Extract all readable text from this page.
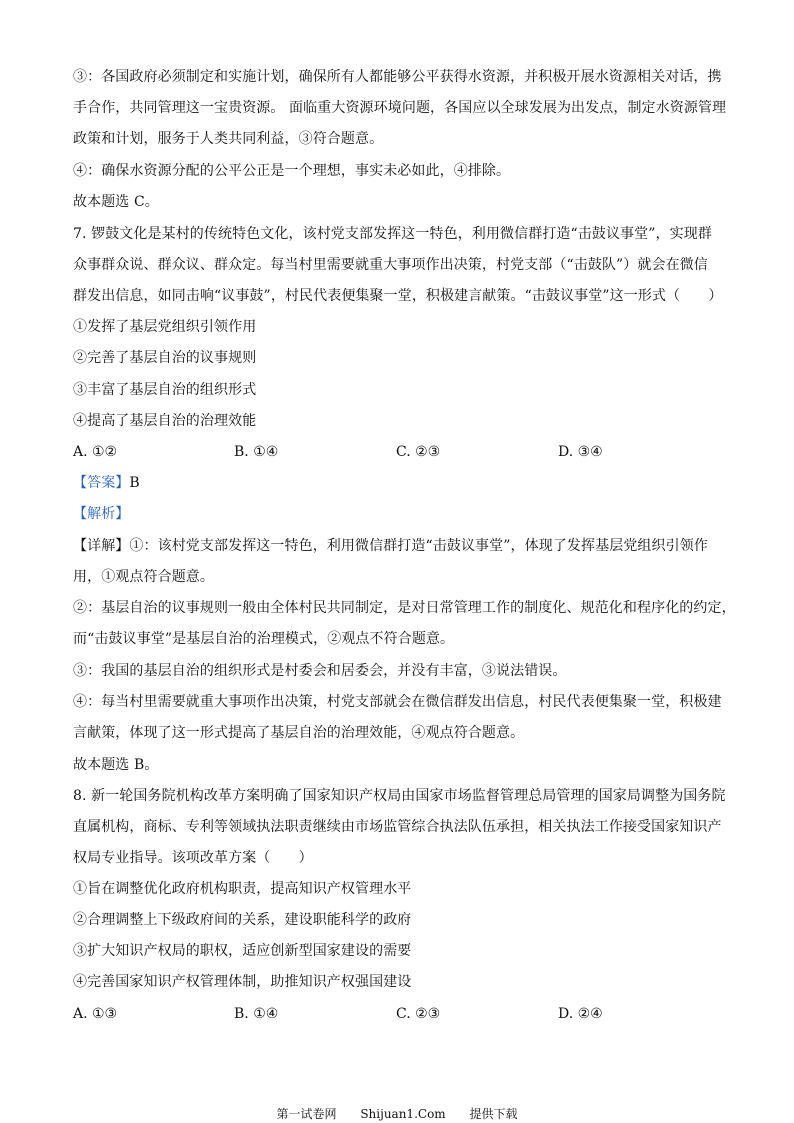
③：各国政府必须制定和实施计划，确保所有人都能够公平获得水资源，并积极开展水资源相关对话，携
手合作，共同管理这一宝贵资源。 面临重大资源环境问题，各国应以全球发展为出发点，制定水资源管理
政策和计划，服务于人类共同利益，③符合题意。
④：确保水资源分配的公平公正是一个理想，事实未必如此，④排除。
故本题选 C。
7. 锣鼓文化是某村的传统特色文化，该村党支部发挥这一特色，利用微信群打造“击鼓议事堂”，实现群
众事群众说、群众议、群众定。每当村里需要就重大事项作出决策，村党支部（“击鼓队”）就会在微信
群发出信息，如同击响“议事鼓”，村民代表便集聚一堂，积极建言献策。“击鼓议事堂”这一形式（　　）
①发挥了基层党组织引领作用
②完善了基层自治的议事规则
③丰富了基层自治的组织形式
④提高了基层自治的治理效能
A. ①②	B. ①④	C. ②③	D. ③④
【答案】B
【解析】
【详解】①：该村党支部发挥这一特色，利用微信群打造“击鼓议事堂”，体现了发挥基层党组织引领作
用，①观点符合题意。
②：基层自治的议事规则一般由全体村民共同制定，是对日常管理工作的制度化、规范化和程序化的约定，
而“击鼓议事堂”是基层自治的治理模式，②观点不符合题意。
③：我国的基层自治的组织形式是村委会和居委会，并没有丰富，③说法错误。
④：每当村里需要就重大事项作出决策，村党支部就会在微信群发出信息，村民代表便集聚一堂，积极建
言献策，体现了这一形式提高了基层自治的治理效能，④观点符合题意。
故本题选 B。
8. 新一轮国务院机构改革方案明确了国家知识产权局由国家市场监督管理总局管理的国家局调整为国务院
直属机构，商标、专利等领域执法职责继续由市场监管综合执法队伍承担，相关执法工作接受国家知识产
权局专业指导。该项改革方案（　　）
①旨在调整优化政府机构职责，提高知识产权管理水平
②合理调整上下级政府间的关系，建设职能科学的政府
③扩大知识产权局的职权，适应创新型国家建设的需要
④完善国家知识产权管理体制，助推知识产权强国建设
A. ①③	B. ①④	C. ②③	D. ②④
第一试卷网 Shijuan1.Com 提供下载
